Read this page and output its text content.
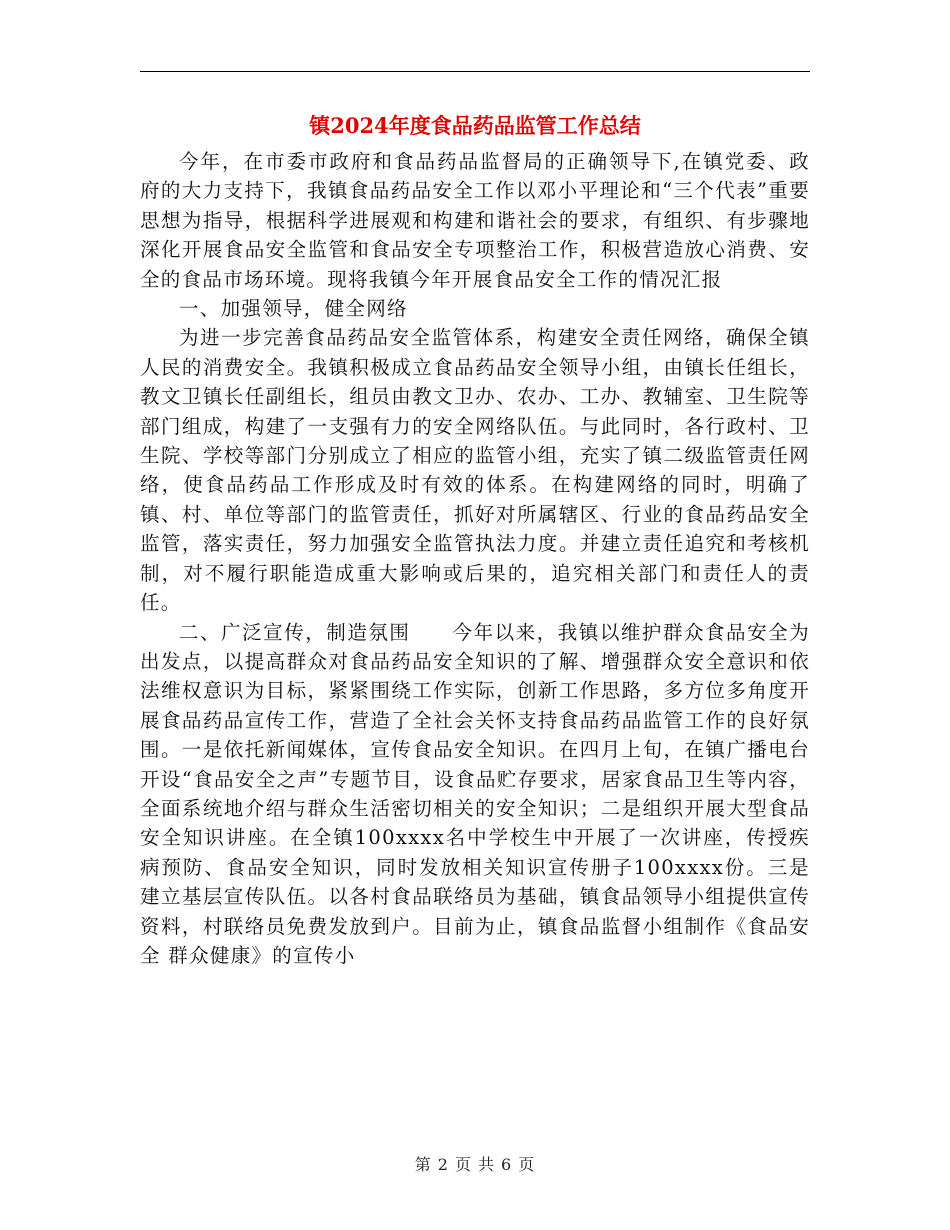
镇2024年度食品药品监管工作总结

今年，在市委市政府和食品药品监督局的正确领导下,在镇党委、政府的大力支持下，我镇食品药品安全工作以邓小平理论和“三个代表”重要思想为指导，根据科学进展观和构建和谐社会的要求，有组织、有步骤地深化开展食品安全监管和食品安全专项整治工作，积极营造放心消费、安全的食品市场环境。现将我镇今年开展食品安全工作的情况汇报

一、加强领导，健全网络

为进一步完善食品药品安全监管体系，构建安全责任网络，确保全镇人民的消费安全。我镇积极成立食品药品安全领导小组，由镇长任组长，教文卫镇长任副组长，组员由教文卫办、农办、工办、教辅室、卫生院等部门组成，构建了一支强有力的安全网络队伍。与此同时，各行政村、卫生院、学校等部门分别成立了相应的监管小组，充实了镇二级监管责任网络，使食品药品工作形成及时有效的体系。在构建网络的同时，明确了镇、村、单位等部门的监管责任，抓好对所属辖区、行业的食品药品安全监管，落实责任，努力加强安全监管执法力度。并建立责任追究和考核机制，对不履行职能造成重大影响或后果的，追究相关部门和责任人的责任。

二、广泛宣传，制造氛围　　今年以来，我镇以维护群众食品安全为出发点，以提高群众对食品药品安全知识的了解、增强群众安全意识和依法维权意识为目标，紧紧围绕工作实际，创新工作思路，多方位多角度开展食品药品宣传工作，营造了全社会关怀支持食品药品监管工作的良好氛围。一是依托新闻媒体，宣传食品安全知识。在四月上旬，在镇广播电台开设“食品安全之声”专题节目，设食品贮存要求，居家食品卫生等内容，全面系统地介绍与群众生活密切相关的安全知识；二是组织开展大型食品安全知识讲座。在全镇100xxxx名中学校生中开展了一次讲座，传授疾病预防、食品安全知识，同时发放相关知识宣传册子100xxxx份。三是建立基层宣传队伍。以各村食品联络员为基础，镇食品领导小组提供宣传资料，村联络员免费发放到户。目前为止，镇食品监督小组制作《食品安全 群众健康》的宣传小

第 2 页 共 6 页
